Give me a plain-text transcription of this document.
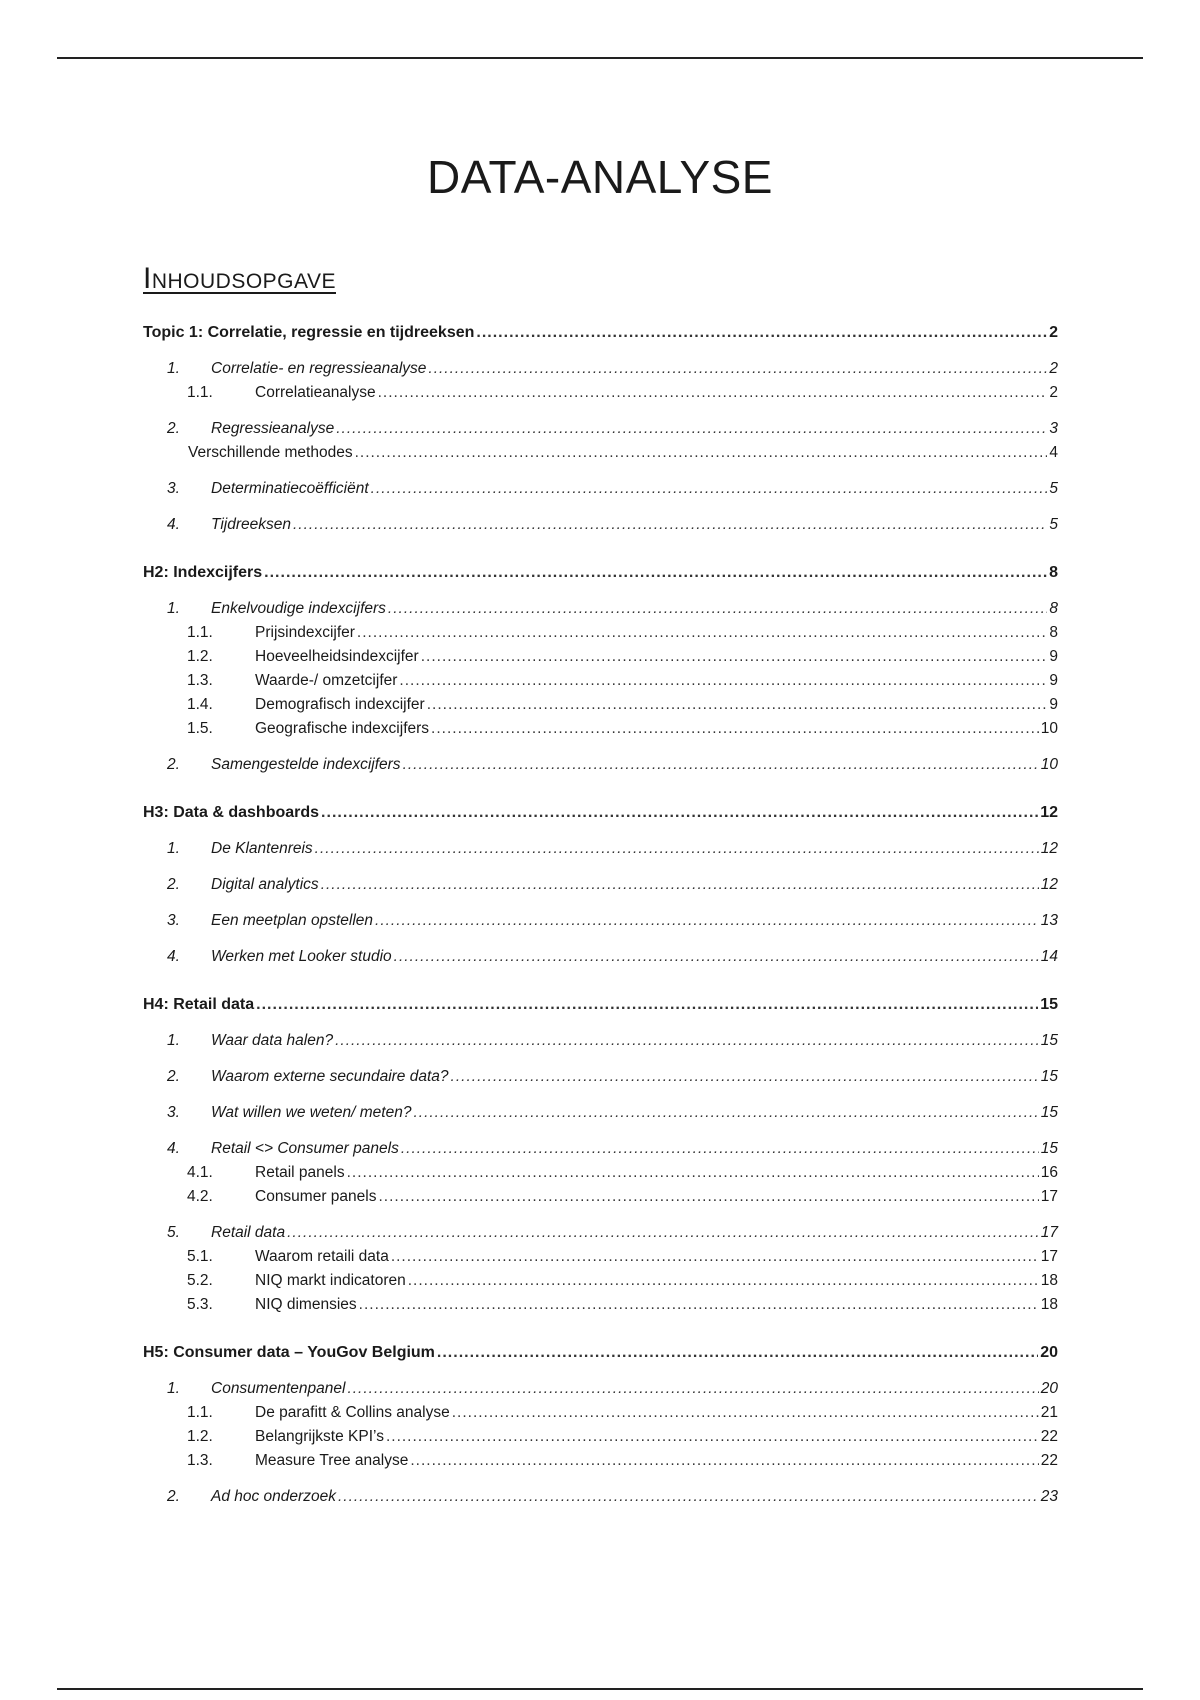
DATA-ANALYSE
Inhoudsopgave
Topic 1: Correlatie, regressie en tijdreeksen .....	2
1.	Correlatie- en regressieanalyse .....	2
1.1.	Correlatieanalyse .....	2
2.	Regressieanalyse .....	3
Verschillende methodes .....	4
3.	Determinatiecoëfficiënt .....	5
4.	Tijdreeksen .....	5
H2: Indexcijfers .....	8
1.	Enkelvoudige indexcijfers .....	8
1.1.	Prijsindexcijfer .....	8
1.2.	Hoeveelheidsindexcijfer .....	9
1.3.	Waarde-/ omzetcijfer .....	9
1.4.	Demografisch indexcijfer .....	9
1.5.	Geografische indexcijfers .....	10
2.	Samengestelde indexcijfers .....	10
H3: Data & dashboards .....	12
1.	De Klantenreis .....	12
2.	Digital analytics .....	12
3.	Een meetplan opstellen .....	13
4.	Werken met Looker studio .....	14
H4: Retail data .....	15
1.	Waar data halen? .....	15
2.	Waarom externe secundaire data? .....	15
3.	Wat willen we weten/ meten? .....	15
4.	Retail <> Consumer panels .....	15
4.1.	Retail panels .....	16
4.2.	Consumer panels .....	17
5.	Retail data .....	17
5.1.	Waarom retaili data .....	17
5.2.	NIQ markt indicatoren .....	18
5.3.	NIQ dimensies .....	18
H5: Consumer data – YouGov Belgium .....	20
1.	Consumentenpanel .....	20
1.1.	De parafitt & Collins analyse .....	21
1.2.	Belangrijkste KPI’s .....	22
1.3.	Measure Tree analyse .....	22
2.	Ad hoc onderzoek .....	23
